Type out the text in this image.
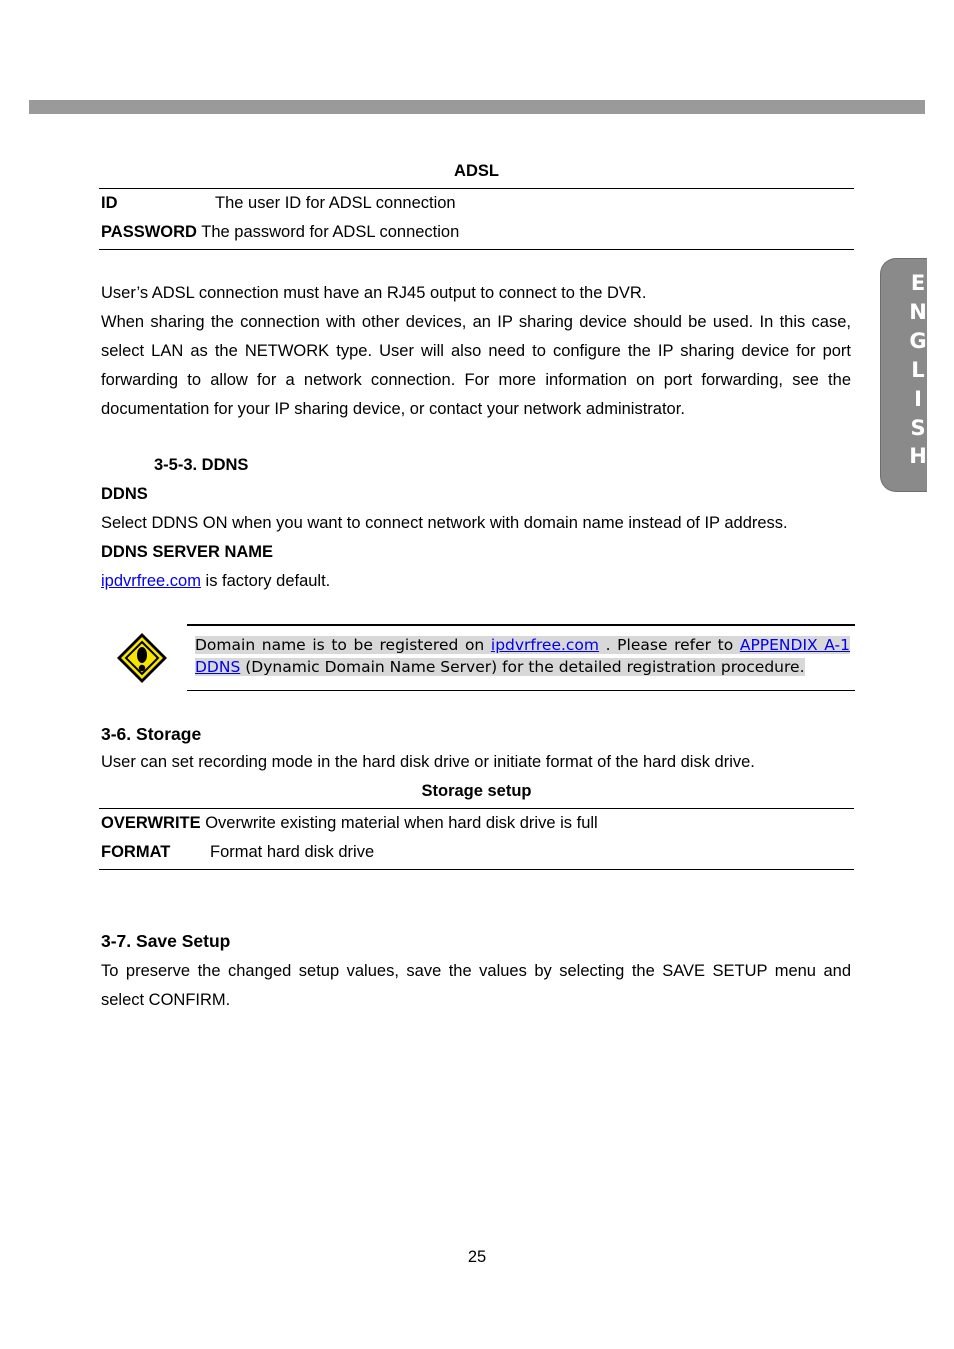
E
N
G
L
I
S
H
ADSL
ID	The user ID for ADSL connection
PASSWORD The password for ADSL connection
User’s ADSL connection must have an RJ45 output to connect to the DVR.
When sharing the connection with other devices, an IP sharing device should be used. In this case, select LAN as the NETWORK type. User will also need to configure the IP sharing device for port forwarding to allow for a network connection. For more information on port forwarding, see the documentation for your IP sharing device, or contact your network administrator.
3-5-3. DDNS
DDNS
Select DDNS ON when you want to connect network with domain name instead of IP address.
DDNS SERVER NAME
ipdvrfree.com is factory default.
Domain name is to be registered on ipdvrfree.com . Please refer to APPENDIX A-1 DDNS (Dynamic Domain Name Server) for the detailed registration procedure.
3-6. Storage
User can set recording mode in the hard disk drive or initiate format of the hard disk drive.
Storage setup
OVERWRITE Overwrite existing material when hard disk drive is full
FORMAT Format hard disk drive
3-7. Save Setup
To preserve the changed setup values, save the values by selecting the SAVE SETUP menu and select CONFIRM.
25
